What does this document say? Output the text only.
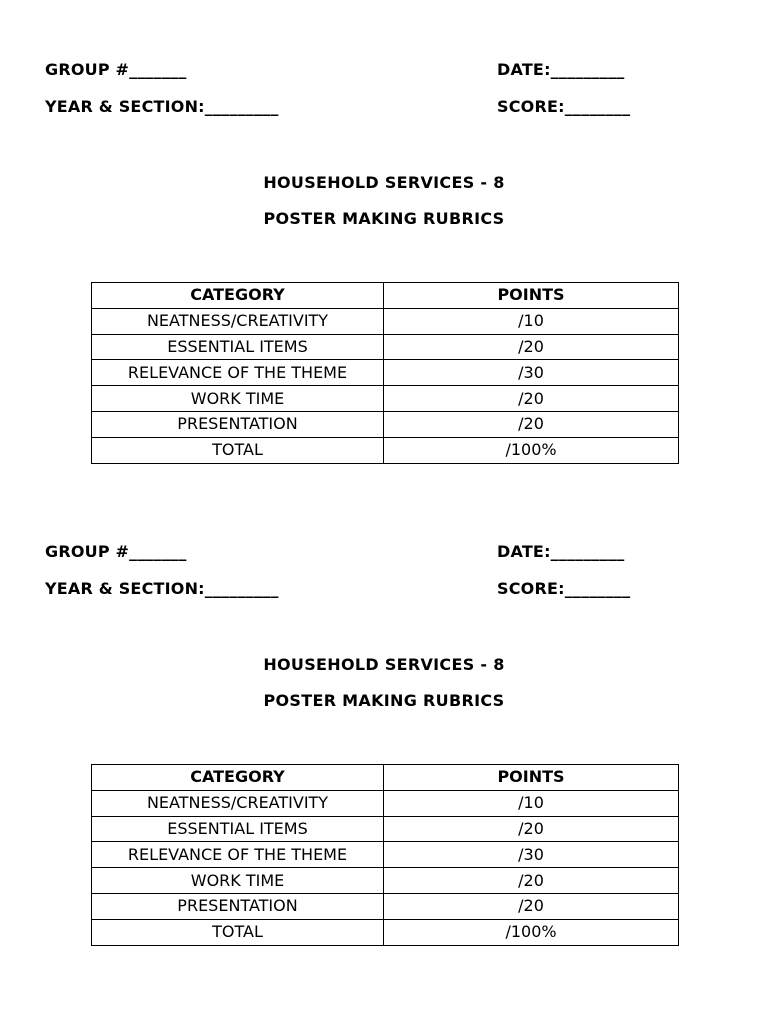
GROUP #_______	DATE:_________
YEAR & SECTION:_________	SCORE:________
HOUSEHOLD SERVICES - 8
POSTER MAKING RUBRICS
CATEGORY	POINTS
NEATNESS/CREATIVITY	/10
ESSENTIAL ITEMS	/20
RELEVANCE OF THE THEME	/30
WORK TIME	/20
PRESENTATION	/20
TOTAL	/100%
GROUP #_______	DATE:_________
YEAR & SECTION:_________	SCORE:________
HOUSEHOLD SERVICES - 8
POSTER MAKING RUBRICS
CATEGORY	POINTS
NEATNESS/CREATIVITY	/10
ESSENTIAL ITEMS	/20
RELEVANCE OF THE THEME	/30
WORK TIME	/20
PRESENTATION	/20
TOTAL	/100%
